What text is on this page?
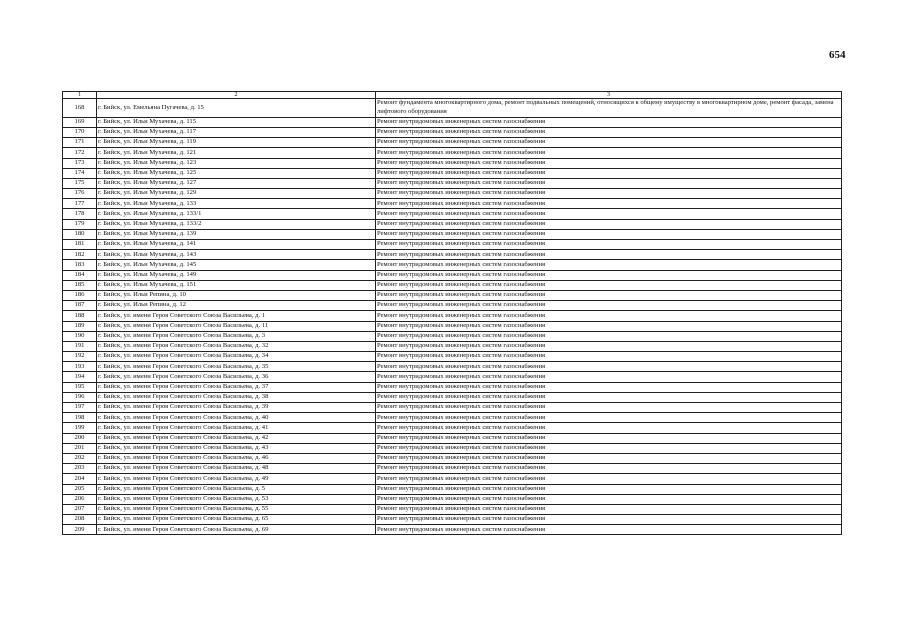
654
1	2	3
168	г. Бийск, ул. Емельяна Пугачева, д. 15	Ремонт фундамента многоквартирного дома, ремонт подвальных помещений, относящихся к общему имуществу в многоквартирном доме, ремонт фасада, замена лифтового оборудования
169	г. Бийск, ул. Ильи Мухачева, д. 115	Ремонт внутридомовых инженерных систем газоснабжения
170	г. Бийск, ул. Ильи Мухачева, д. 117	Ремонт внутридомовых инженерных систем газоснабжения
171	г. Бийск, ул. Ильи Мухачева, д. 119	Ремонт внутридомовых инженерных систем газоснабжения
172	г. Бийск, ул. Ильи Мухачева, д. 121	Ремонт внутридомовых инженерных систем газоснабжения
173	г. Бийск, ул. Ильи Мухачева, д. 123	Ремонт внутридомовых инженерных систем газоснабжения
174	г. Бийск, ул. Ильи Мухачева, д. 125	Ремонт внутридомовых инженерных систем газоснабжения
175	г. Бийск, ул. Ильи Мухачева, д. 127	Ремонт внутридомовых инженерных систем газоснабжения
176	г. Бийск, ул. Ильи Мухачева, д. 129	Ремонт внутридомовых инженерных систем газоснабжения
177	г. Бийск, ул. Ильи Мухачева, д. 133	Ремонт внутридомовых инженерных систем газоснабжения
178	г. Бийск, ул. Ильи Мухачева, д. 133/1	Ремонт внутридомовых инженерных систем газоснабжения
179	г. Бийск, ул. Ильи Мухачева, д. 133/2	Ремонт внутридомовых инженерных систем газоснабжения
180	г. Бийск, ул. Ильи Мухачева, д. 139	Ремонт внутридомовых инженерных систем газоснабжения
181	г. Бийск, ул. Ильи Мухачева, д. 141	Ремонт внутридомовых инженерных систем газоснабжения
182	г. Бийск, ул. Ильи Мухачева, д. 143	Ремонт внутридомовых инженерных систем газоснабжения
183	г. Бийск, ул. Ильи Мухачева, д. 145	Ремонт внутридомовых инженерных систем газоснабжения
184	г. Бийск, ул. Ильи Мухачева, д. 149	Ремонт внутридомовых инженерных систем газоснабжения
185	г. Бийск, ул. Ильи Мухачева, д. 151	Ремонт внутридомовых инженерных систем газоснабжения
186	г. Бийск, ул. Ильи Репина, д. 10	Ремонт внутридомовых инженерных систем газоснабжения
187	г. Бийск, ул. Ильи Репина, д. 12	Ремонт внутридомовых инженерных систем газоснабжения
188	г. Бийск, ул. имени Героя Советского Союза Васильева, д. 1	Ремонт внутридомовых инженерных систем газоснабжения
189	г. Бийск, ул. имени Героя Советского Союза Васильева, д. 11	Ремонт внутридомовых инженерных систем газоснабжения
190	г. Бийск, ул. имени Героя Советского Союза Васильева, д. 3	Ремонт внутридомовых инженерных систем газоснабжения
191	г. Бийск, ул. имени Героя Советского Союза Васильева, д. 32	Ремонт внутридомовых инженерных систем газоснабжения
192	г. Бийск, ул. имени Героя Советского Союза Васильева, д. 34	Ремонт внутридомовых инженерных систем газоснабжения
193	г. Бийск, ул. имени Героя Советского Союза Васильева, д. 35	Ремонт внутридомовых инженерных систем газоснабжения
194	г. Бийск, ул. имени Героя Советского Союза Васильева, д. 36	Ремонт внутридомовых инженерных систем газоснабжения
195	г. Бийск, ул. имени Героя Советского Союза Васильева, д. 37	Ремонт внутридомовых инженерных систем газоснабжения
196	г. Бийск, ул. имени Героя Советского Союза Васильева, д. 38	Ремонт внутридомовых инженерных систем газоснабжения
197	г. Бийск, ул. имени Героя Советского Союза Васильева, д. 39	Ремонт внутридомовых инженерных систем газоснабжения
198	г. Бийск, ул. имени Героя Советского Союза Васильева, д. 40	Ремонт внутридомовых инженерных систем газоснабжения
199	г. Бийск, ул. имени Героя Советского Союза Васильева, д. 41	Ремонт внутридомовых инженерных систем газоснабжения
200	г. Бийск, ул. имени Героя Советского Союза Васильева, д. 42	Ремонт внутридомовых инженерных систем газоснабжения
201	г. Бийск, ул. имени Героя Советского Союза Васильева, д. 43	Ремонт внутридомовых инженерных систем газоснабжения
202	г. Бийск, ул. имени Героя Советского Союза Васильева, д. 46	Ремонт внутридомовых инженерных систем газоснабжения
203	г. Бийск, ул. имени Героя Советского Союза Васильева, д. 48	Ремонт внутридомовых инженерных систем газоснабжения
204	г. Бийск, ул. имени Героя Советского Союза Васильева, д. 49	Ремонт внутридомовых инженерных систем газоснабжения
205	г. Бийск, ул. имени Героя Советского Союза Васильева, д. 5	Ремонт внутридомовых инженерных систем газоснабжения
206	г. Бийск, ул. имени Героя Советского Союза Васильева, д. 53	Ремонт внутридомовых инженерных систем газоснабжения
207	г. Бийск, ул. имени Героя Советского Союза Васильева, д. 55	Ремонт внутридомовых инженерных систем газоснабжения
208	г. Бийск, ул. имени Героя Советского Союза Васильева, д. 65	Ремонт внутридомовых инженерных систем газоснабжения
209	г. Бийск, ул. имени Героя Советского Союза Васильева, д. 69	Ремонт внутридомовых инженерных систем газоснабжения
